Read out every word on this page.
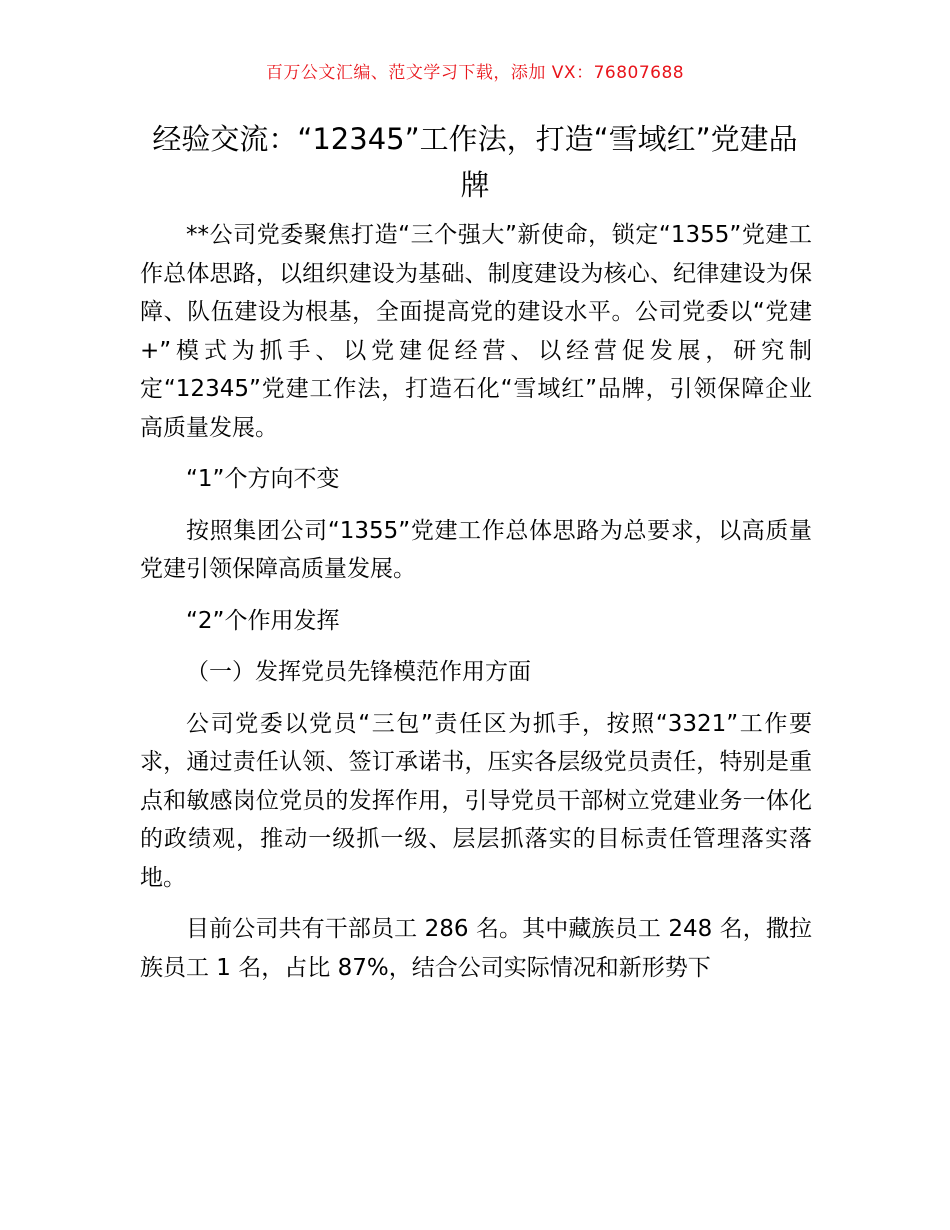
百万公文汇编、范文学习下载，添加 VX：76807688
经验交流：“12345”工作法，打造“雪域红”党建品牌

**公司党委聚焦打造“三个强大”新使命，锁定“1355”党建工作总体思路，以组织建设为基础、制度建设为核心、纪律建设为保障、队伍建设为根基，全面提高党的建设水平。公司党委以“党建+”模式为抓手、以党建促经营、以经营促发展，研究制定“12345”党建工作法，打造石化“雪域红”品牌，引领保障企业高质量发展。

“1”个方向不变

按照集团公司“1355”党建工作总体思路为总要求，以高质量党建引领保障高质量发展。

“2”个作用发挥

（一）发挥党员先锋模范作用方面

公司党委以党员“三包”责任区为抓手，按照“3321”工作要求，通过责任认领、签订承诺书，压实各层级党员责任，特别是重点和敏感岗位党员的发挥作用，引导党员干部树立党建业务一体化的政绩观，推动一级抓一级、层层抓落实的目标责任管理落实落地。

目前公司共有干部员工 286 名。其中藏族员工 248 名，撒拉族员工 1 名，占比 87%，结合公司实际情况和新形势下
